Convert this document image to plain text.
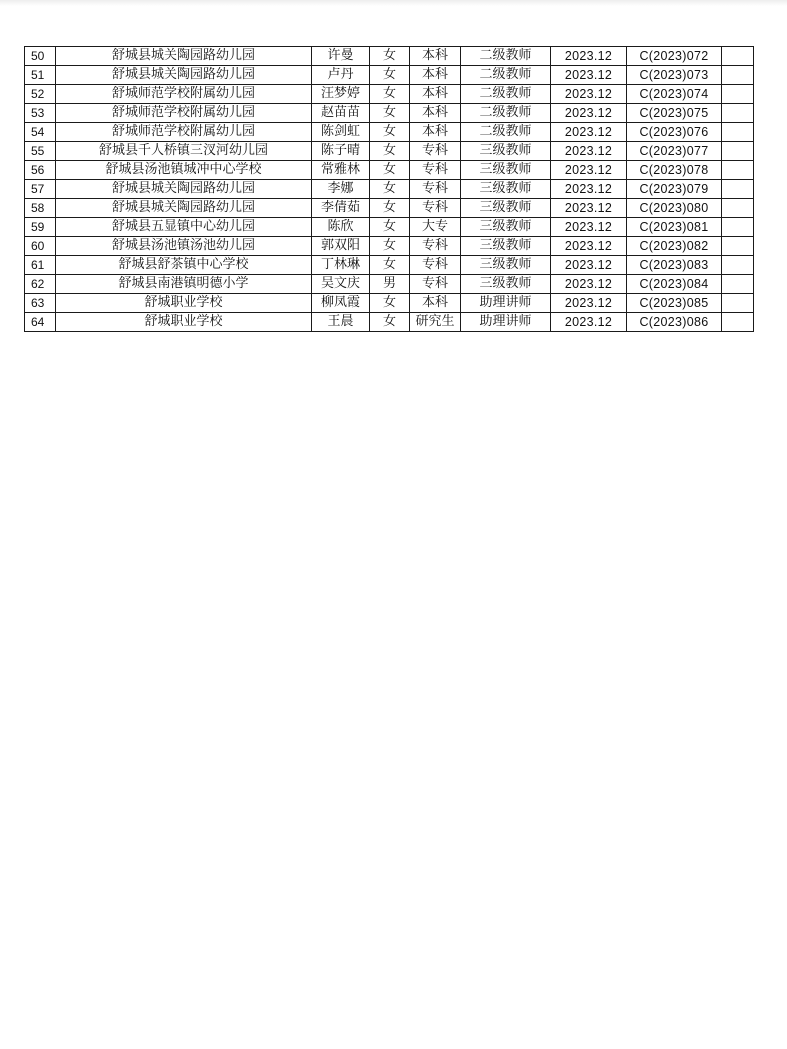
50	舒城县城关陶园路幼儿园	许曼	女	本科	二级教师	2023.12	C(2023)072	
51	舒城县城关陶园路幼儿园	卢丹	女	本科	二级教师	2023.12	C(2023)073	
52	舒城师范学校附属幼儿园	汪梦婷	女	本科	二级教师	2023.12	C(2023)074	
53	舒城师范学校附属幼儿园	赵苗苗	女	本科	二级教师	2023.12	C(2023)075	
54	舒城师范学校附属幼儿园	陈剑虹	女	本科	二级教师	2023.12	C(2023)076	
55	舒城县千人桥镇三汊河幼儿园	陈子晴	女	专科	三级教师	2023.12	C(2023)077	
56	舒城县汤池镇城冲中心学校	常雅林	女	专科	三级教师	2023.12	C(2023)078	
57	舒城县城关陶园路幼儿园	李娜	女	专科	三级教师	2023.12	C(2023)079	
58	舒城县城关陶园路幼儿园	李倩茹	女	专科	三级教师	2023.12	C(2023)080	
59	舒城县五显镇中心幼儿园	陈欣	女	大专	三级教师	2023.12	C(2023)081	
60	舒城县汤池镇汤池幼儿园	郭双阳	女	专科	三级教师	2023.12	C(2023)082	
61	舒城县舒茶镇中心学校	丁林琳	女	专科	三级教师	2023.12	C(2023)083	
62	舒城县南港镇明德小学	吴文庆	男	专科	三级教师	2023.12	C(2023)084	
63	舒城职业学校	柳凤霞	女	本科	助理讲师	2023.12	C(2023)085	
64	舒城职业学校	王晨	女	研究生	助理讲师	2023.12	C(2023)086	
